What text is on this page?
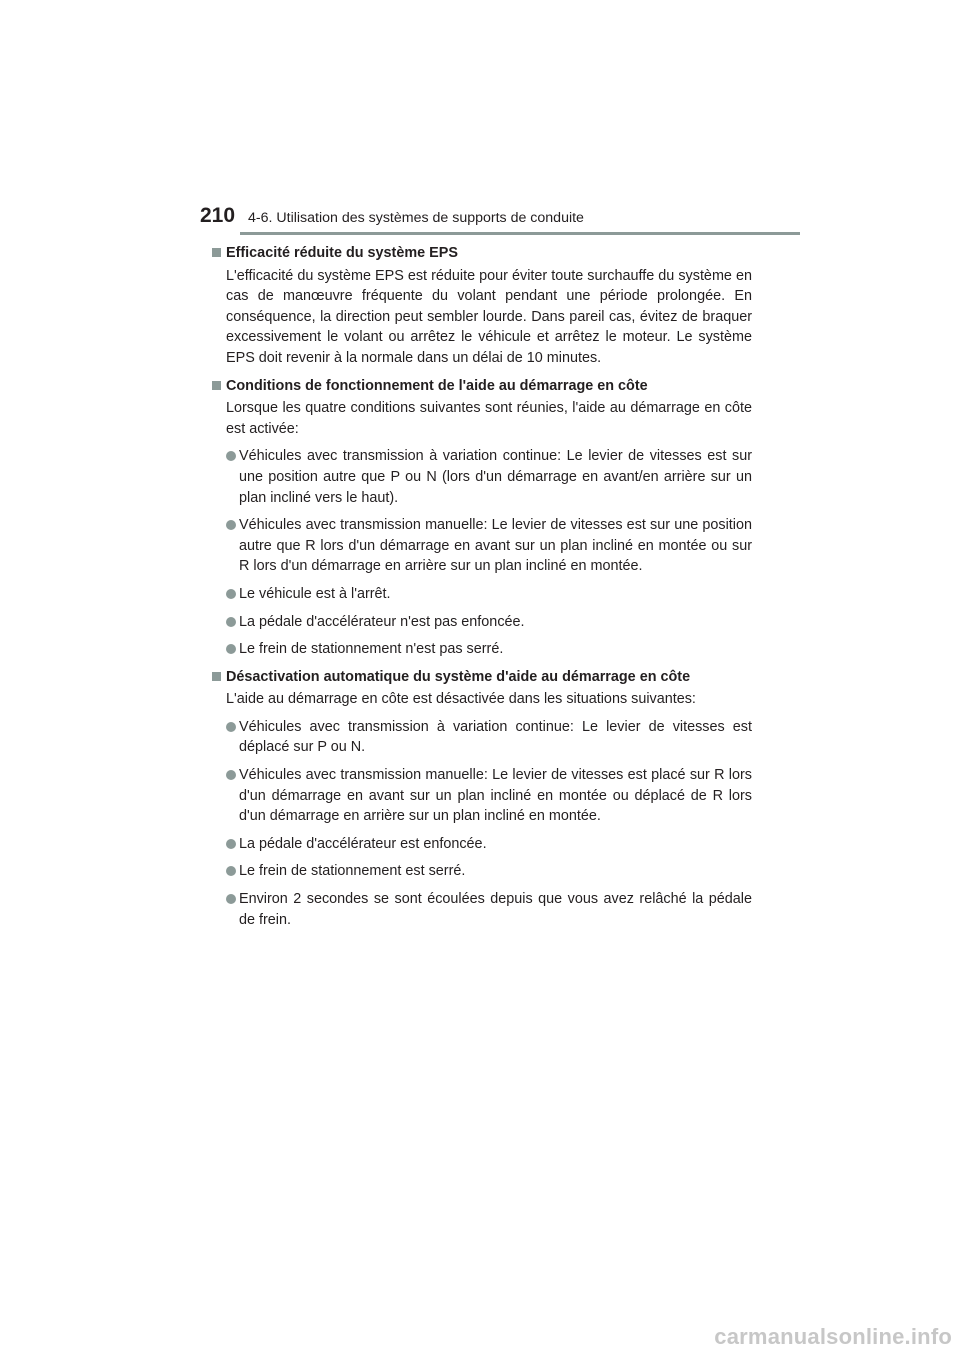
210 4-6. Utilisation des systèmes de supports de conduite

Efficacité réduite du système EPS

L'efficacité du système EPS est réduite pour éviter toute surchauffe du système en cas de manœuvre fréquente du volant pendant une période prolongée. En conséquence, la direction peut sembler lourde. Dans pareil cas, évitez de braquer excessivement le volant ou arrêtez le véhicule et arrêtez le moteur. Le système EPS doit revenir à la normale dans un délai de 10 minutes.

Conditions de fonctionnement de l'aide au démarrage en côte

Lorsque les quatre conditions suivantes sont réunies, l'aide au démarrage en côte est activée:

Véhicules avec transmission à variation continue: Le levier de vitesses est sur une position autre que P ou N (lors d'un démarrage en avant/en arrière sur un plan incliné vers le haut).
Véhicules avec transmission manuelle: Le levier de vitesses est sur une position autre que R lors d'un démarrage en avant sur un plan incliné en montée ou sur R lors d'un démarrage en arrière sur un plan incliné en montée.
Le véhicule est à l'arrêt.
La pédale d'accélérateur n'est pas enfoncée.
Le frein de stationnement n'est pas serré.

Désactivation automatique du système d'aide au démarrage en côte

L'aide au démarrage en côte est désactivée dans les situations suivantes:

Véhicules avec transmission à variation continue: Le levier de vitesses est déplacé sur P ou N.
Véhicules avec transmission manuelle: Le levier de vitesses est placé sur R lors d'un démarrage en avant sur un plan incliné en montée ou déplacé de R lors d'un démarrage en arrière sur un plan incliné en montée.
La pédale d'accélérateur est enfoncée.
Le frein de stationnement est serré.
Environ 2 secondes se sont écoulées depuis que vous avez relâché la pédale de frein.
carmanualsonline.info
